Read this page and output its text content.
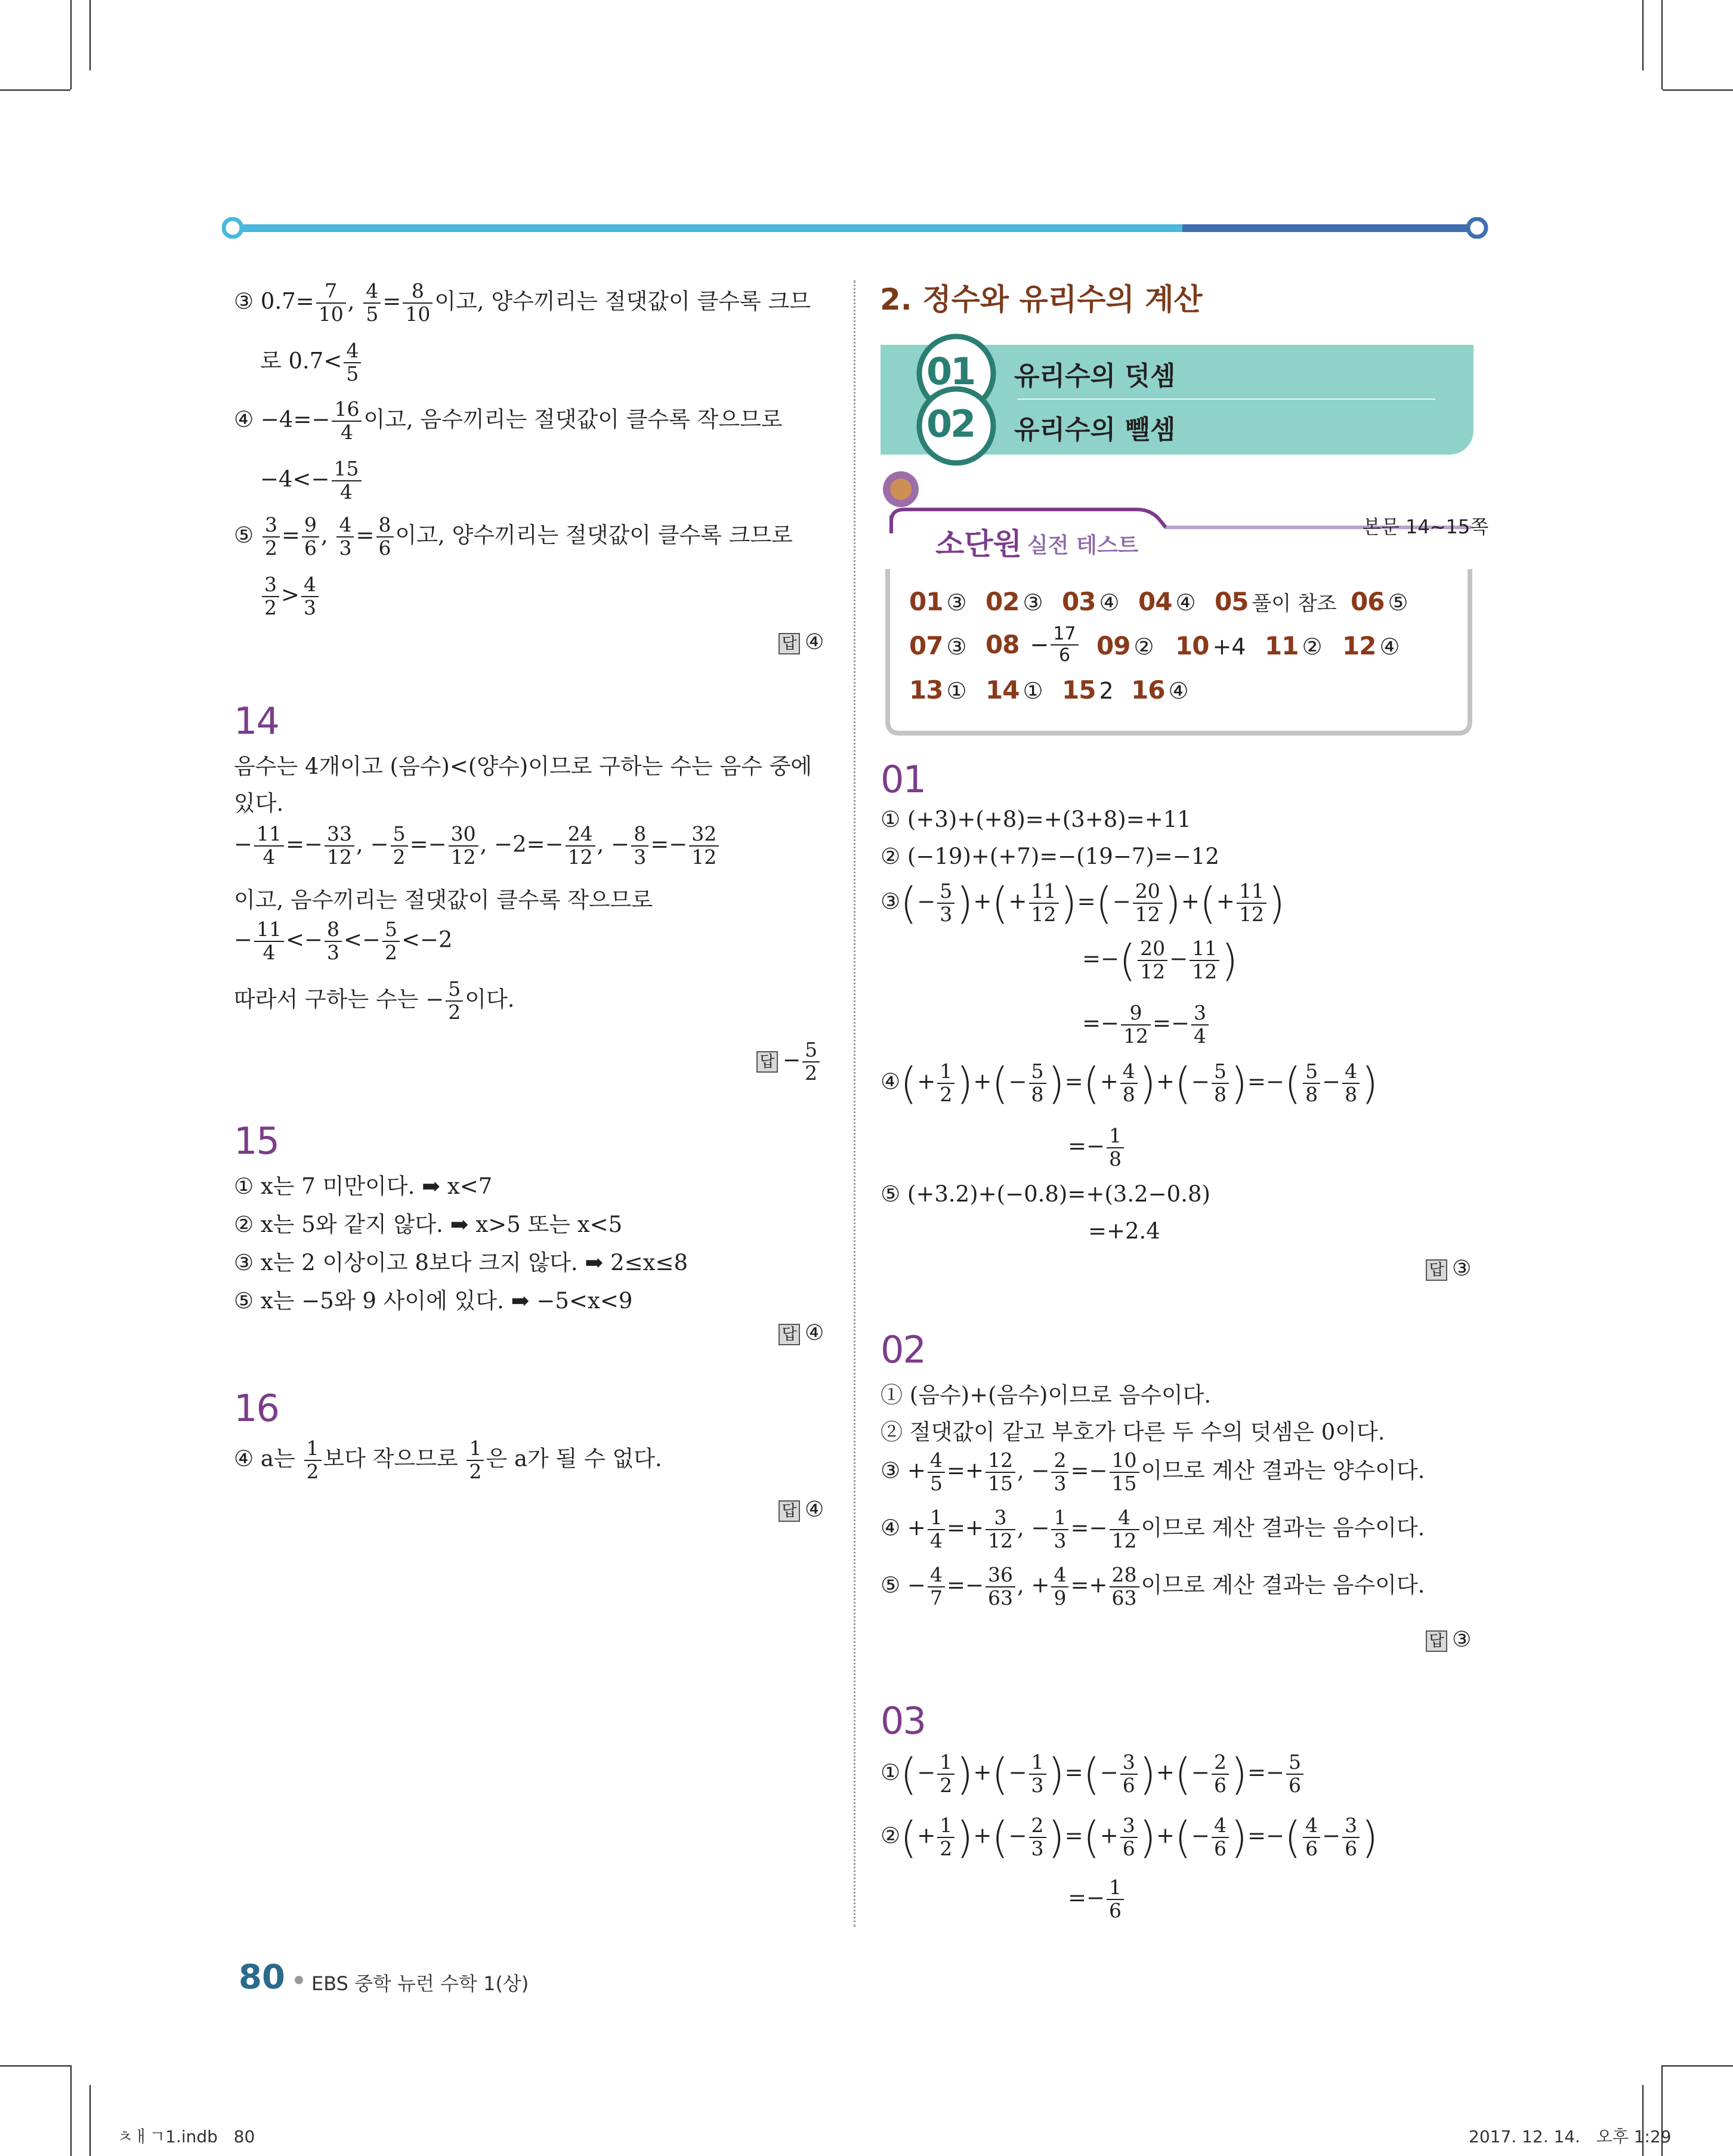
③ $0.7= \frac{7}{10}$ , $\frac{4}{5} = \frac{8}{10}$ 이고, 양수끼리는 절댓값이 클수록 크므
로 $0.7< \frac{4}{5}$
④ $-4=- \frac{16}{4}$ 이고, 음수끼리는 절댓값이 클수록 작으므로
$-4<- \frac{15}{4}$
⑤ $\frac{3}{2} = \frac{9}{6}$ , $\frac{4}{3} = \frac{8}{6}$ 이고, 양수끼리는 절댓값이 클수록 크므로
$\frac{3}{2} > \frac{4}{3}$
답 ④
14
음수는 4개이고 (음수)<(양수)이므로 구하는 수는 음수 중에
있다.
− $\frac{11}{4} =- \frac{33}{12}$ , − $\frac{5}{2} =- \frac{30}{12}$ , $-2=- \frac{24}{12}$ , − $\frac{8}{3} =- \frac{32}{12}$
이고, 음수끼리는 절댓값이 클수록 작으므로
− $\frac{11}{4} <- \frac{8}{3} <- \frac{5}{2} <-2$
따라서 구하는 수는 − $\frac{5}{2}$ 이다.
답 − $\frac{5}{2}$
15
① x는 7 미만이다. ➡ x<7
② x는 5와 같지 않다. ➡ x>5 또는 x<5
③ x는 2 이상이고 8보다 크지 않다. ➡ 2≤x≤8
⑤ x는 −5와 9 사이에 있다. ➡ −5<x<9
답 ④
16
④ a는 $\frac{1}{2}$ 보다 작으므로 $\frac{1}{2}$ 은 a가 될 수 없다.
답 ④
2. 정수와 유리수의 계산
01
02
유리수의 덧셈
유리수의 뺄셈
소단원 실전 테스트
본문 14~15쪽
01 ③ 02 ③ 03 ④ 04 ④ 05 풀이 참조 06 ⑤
07 ③ $08 - \frac{17}{6} 09$ ② 10 +4 11 ② 12 ④
13 ① 14 ① 15 2 16 ④
01
① (+3)+(+8)=+(3+8)=+11
② (−19)+(+7)=−(19−7)=−12
③(− $\frac{5}{3}$ )+(+ $\frac{11}{12}$ )=(− $\frac{20}{12}$ )+(+ $\frac{11}{12}$ )
=−( $\frac{20}{12} - \frac{11}{12}$ )
=− $\frac{9}{12} =- \frac{3}{4}$
④(+ $\frac{1}{2}$ )+(− $\frac{5}{8}$ )=(+ $\frac{4}{8}$ )+(− $\frac{5}{8}$ )=−( $\frac{5}{8} - \frac{4}{8}$ )
=− $\frac{1}{8}$
⑤ (+3.2)+(−0.8)=+(3.2−0.8)
=+2.4
답 ③
02
① (음수)+(음수)이므로 음수이다.
② 절댓값이 같고 부호가 다른 두 수의 덧셈은 0이다.
③ + $\frac{4}{5} =+ \frac{12}{15}$ , − $\frac{2}{3} =- \frac{10}{15}$ 이므로 계산 결과는 양수이다.
④ + $\frac{1}{4} =+ \frac{3}{12}$ , − $\frac{1}{3} =- \frac{4}{12}$ 이므로 계산 결과는 음수이다.
⑤ − $\frac{4}{7} =- \frac{36}{63}$ , + $\frac{4}{9} =+ \frac{28}{63}$ 이므로 계산 결과는 음수이다.
답 ③
03
①(− $\frac{1}{2}$ )+(− $\frac{1}{3}$ )=(− $\frac{3}{6}$ )+(− $\frac{2}{6}$ )=− $\frac{5}{6}$
②(+ $\frac{1}{2}$ )+(− $\frac{2}{3}$ )=(+ $\frac{3}{6}$ )+(− $\frac{4}{6}$ )=−( $\frac{4}{6} - \frac{3}{6}$ )
=− $\frac{1}{6}$
80 EBS 중학 뉴런 수학 1(상)
ㅊㅐㄱ1.indb   80	2017. 12. 14.   오후 1:29
